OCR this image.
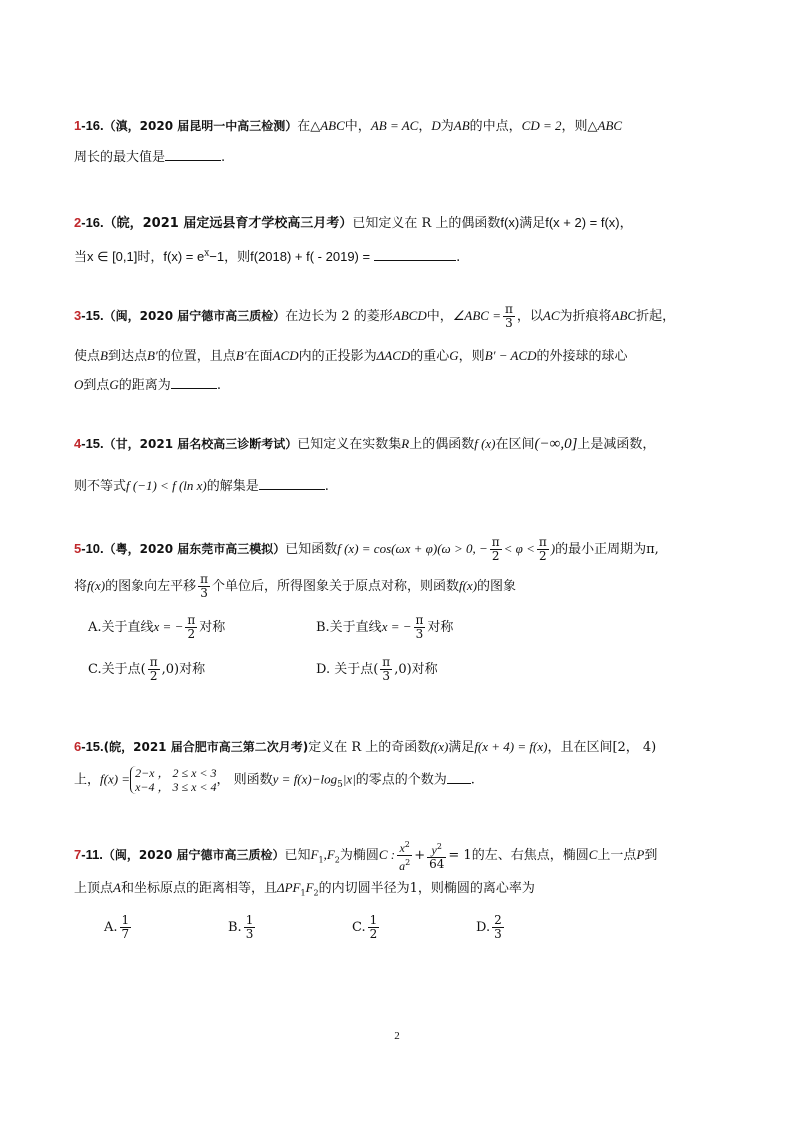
1-16.（滇，2020 届昆明一中高三检测）在△ABC中，AB = AC，D为AB的中点，CD = 2，则△ABC
周长的最大值是	.
2-16.（皖，2021 届定远县育才学校高三月考）已知定义在 R 上的偶函数f(x)满足f(x + 2) = f(x)，
当x ∈ [0,1]时，$f(x) = e^x-1$，则f(2018) + f( - 2019) =	.
3-15.（闽，2020 届宁德市高三质检）在边长为 2 的菱形ABCD中，∠ABC = $\frac{\pi}{3}$ ，以AC为折痕将ABC折起，
使点B到达点B′的位置，且点B′在面ACD内的正投影为ΔACD的重心G，则B′ − ACD的外接球的球心
O到点G的距离为	.
4-15.（甘，2021 届名校高三诊断考试）已知定义在实数集R上的偶函数f (x)在区间(−∞,0]上是减函数，
则不等式f (−1) < f (ln x)的解集是	.
5-10.（粤，2020 届东莞市高三模拟）已知函数f (x) = cos(ωx + φ)(ω > 0, − $\frac{\pi}{2} < \varphi < \frac{\pi}{2}$ )的最小正周期为π,
将f(x)的图象向左平移 $\frac{\pi}{3}$ 个单位后，所得图象关于原点对称，则函数f(x)的图象
A.关于直线x = − $\frac{\pi}{2}$ 对称	B.关于直线x = − $\frac{\pi}{3}$ 对称
C.关于点( $\frac{\pi}{2} ,0$)对称	D. 关于点( $\frac{\pi}{3} ,0$)对称
6-15.(皖，2021 届合肥市高三第二次月考)定义在 R 上的奇函数f(x)满足f(x + 4) = f(x)，且在区间[2， 4)
上，f(x) = 2−x ， 2 ≤ x < 3
x−4 ， 3 ≤ x < 4 ， 则函数$y = f(x)-\log_5|x|$的零点的个数为 .
7-11.（闽，2020 届宁德市高三质检）已知$F_1,F_2$为椭圆C : $\frac{x^2}{a^2} + \frac{y^2}{64} = 1$的左、右焦点，椭圆C上一点P到
上顶点A和坐标原点的距离相等，且$\Delta PF_1F_2$的内切圆半径为1，则椭圆的离心率为
A. $\frac{1}{7}$	B. $\frac{1}{3}$	C. $\frac{1}{2}$	D. $\frac{2}{3}$
2
